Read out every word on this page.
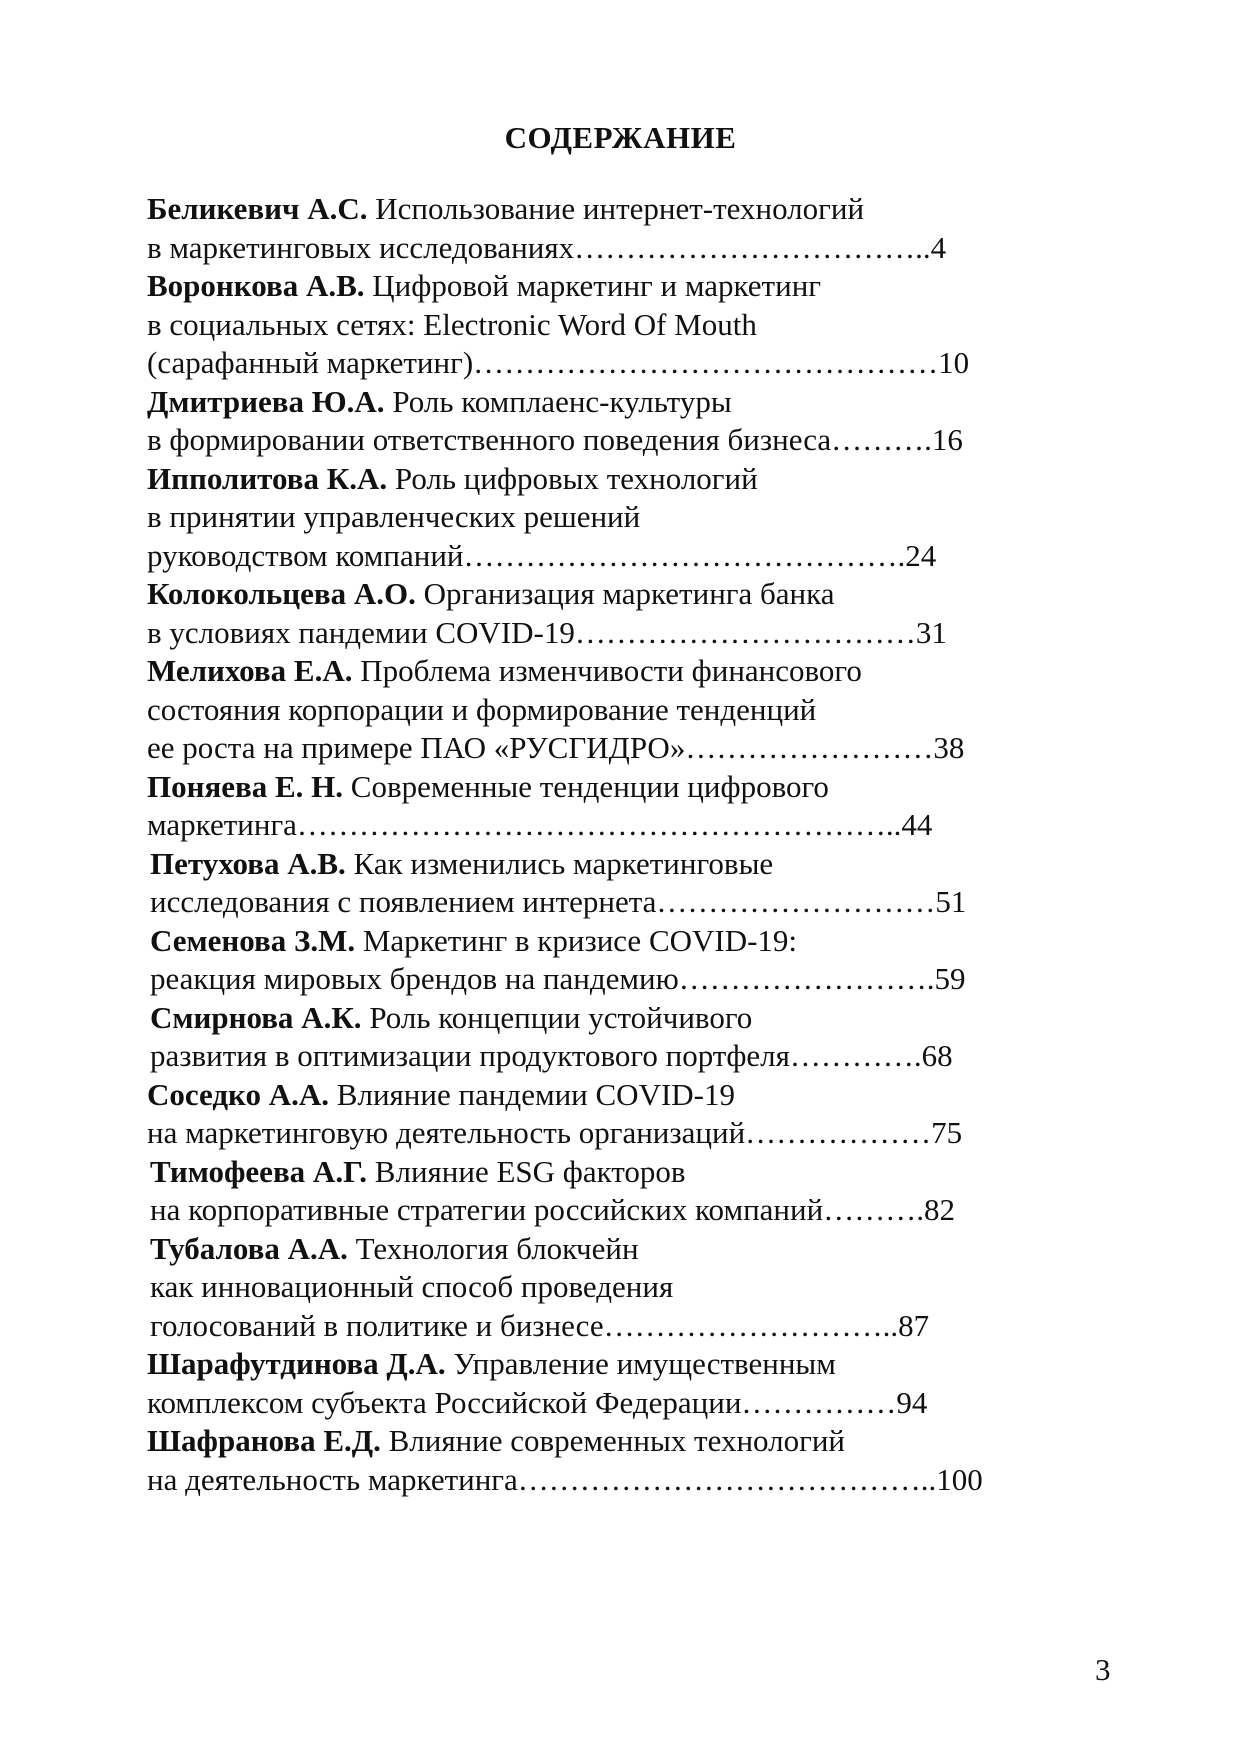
СОДЕРЖАНИЕ
Беликевич А.С. Использование интернет-технологий
в маркетинговых исследованиях……………………………..4
Воронкова А.В. Цифровой маркетинг и маркетинг
в социальных сетях: Electronic Word Of Mouth
(сарафанный маркетинг)………………………………………10
Дмитриева Ю.А. Роль комплаенс-культуры
в формировании ответственного поведения бизнеса……….16
Ипполитова К.А. Роль цифровых технологий
в принятии управленческих решений
руководством компаний…………………………………….24
Колокольцева А.О. Организация маркетинга банка
в условиях пандемии COVID-19……………………………31
Мелихова Е.А. Проблема изменчивости финансового
состояния корпорации и формирование тенденций
ее роста на примере ПАО «РУСГИДРО»……………………38
Поняева Е. Н. Современные тенденции цифрового
маркетинга…………………………………………………..44
Петухова А.В. Как изменились маркетинговые
исследования с появлением интернета………………………51
Семенова З.М. Маркетинг в кризисе COVID-19:
реакция мировых брендов на пандемию…………………….59
Смирнова А.К. Роль концепции устойчивого
развития в оптимизации продуктового портфеля………….68
Соседко А.А. Влияние пандемии COVID-19
на маркетинговую деятельность организаций………………75
Тимофеева А.Г. Влияние ESG факторов
на корпоративные стратегии российских компаний……….82
Тубалова А.А. Технология блокчейн
как инновационный способ проведения
голосований в политике и бизнесе………………………..87
Шарафутдинова Д.А. Управление имущественным
комплексом субъекта Российской Федерации……………94
Шафранова Е.Д. Влияние современных технологий
на деятельность маркетинга…………………………………..100
3
